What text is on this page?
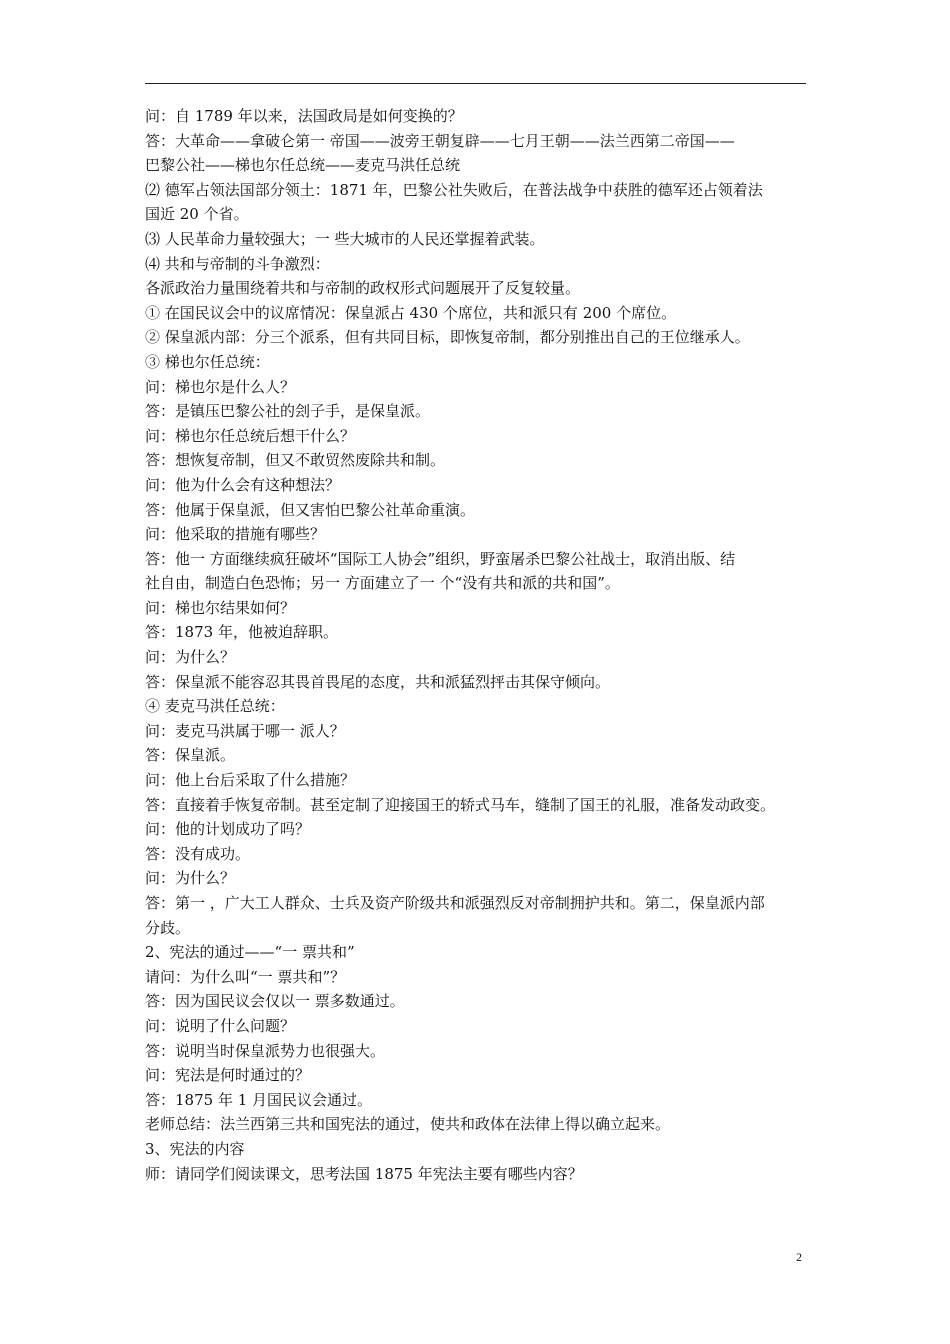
问：自 1789 年以来，法国政局是如何变换的？
答：大革命——拿破仑第一 帝国——波旁王朝复辟——七月王朝——法兰西第二帝国——
巴黎公社——梯也尔任总统——麦克马洪任总统
⑵ 德军占领法国部分领土：1871 年，巴黎公社失败后，在普法战争中获胜的德军还占领着法
国近 20 个省。
⑶ 人民革命力量较强大；一 些大城市的人民还掌握着武装。
⑷ 共和与帝制的斗争激烈：
各派政治力量围绕着共和与帝制的政权形式问题展开了反复较量。
① 在国民议会中的议席情况：保皇派占 430 个席位，共和派只有 200 个席位。
② 保皇派内部：分三个派系，但有共同目标，即恢复帝制，都分别推出自己的王位继承人。
③ 梯也尔任总统：
问：梯也尔是什么人？
答：是镇压巴黎公社的刽子手，是保皇派。
问：梯也尔任总统后想干什么？
答：想恢复帝制，但又不敢贸然废除共和制。
问：他为什么会有这种想法？
答：他属于保皇派，但又害怕巴黎公社革命重演。
问：他采取的措施有哪些？
答：他一 方面继续疯狂破坏“国际工人协会”组织，野蛮屠杀巴黎公社战士，取消出版、结
社自由，制造白色恐怖；另一 方面建立了一 个“没有共和派的共和国”。
问：梯也尔结果如何？
答：1873 年，他被迫辞职。
问：为什么？
答：保皇派不能容忍其畏首畏尾的态度，共和派猛烈抨击其保守倾向。
④ 麦克马洪任总统：
问：麦克马洪属于哪一 派人？
答：保皇派。
问：他上台后采取了什么措施？
答：直接着手恢复帝制。甚至定制了迎接国王的轿式马车，缝制了国王的礼服，准备发动政变。
问：他的计划成功了吗？
答：没有成功。
问：为什么？
答：第一 ，广大工人群众、士兵及资产阶级共和派强烈反对帝制拥护共和。第二，保皇派内部
分歧。
2、宪法的通过——“一 票共和”
请问：为什么叫“一 票共和”？
答：因为国民议会仅以一 票多数通过。
问：说明了什么问题？
答：说明当时保皇派势力也很强大。
问：宪法是何时通过的？
答：1875 年 1 月国民议会通过。
老师总结：法兰西第三共和国宪法的通过，使共和政体在法律上得以确立起来。
3、宪法的内容
师：请同学们阅读课文，思考法国 1875 年宪法主要有哪些内容？
2
